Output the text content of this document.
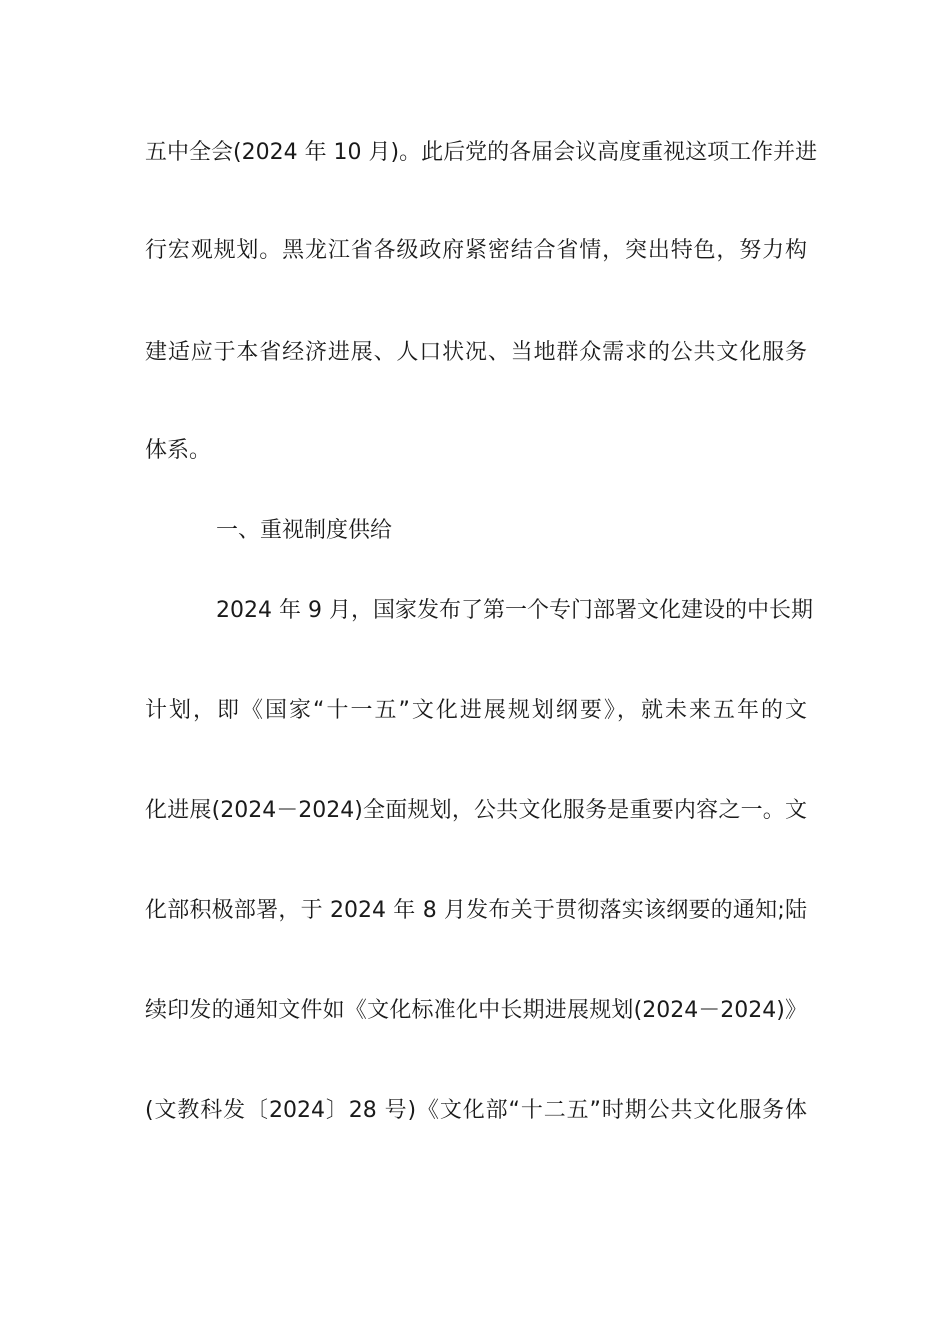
五中全会(2024 年 10 月)。此后党的各届会议高度重视这项工作并进
行宏观规划。黑龙江省各级政府紧密结合省情，突出特色，努力构
建适应于本省经济进展、人口状况、当地群众需求的公共文化服务
体系。
一、重视制度供给
2024 年 9 月，国家发布了第一个专门部署文化建设的中长期
计划，即《国家“十一五”文化进展规划纲要》，就未来五年的文
化进展(2024－2024)全面规划，公共文化服务是重要内容之一。文
化部积极部署，于 2024 年 8 月发布关于贯彻落实该纲要的通知;陆
续印发的通知文件如《文化标准化中长期进展规划(2024－2024)》
(文教科发〔2024〕28 号)《文化部“十二五”时期公共文化服务体
